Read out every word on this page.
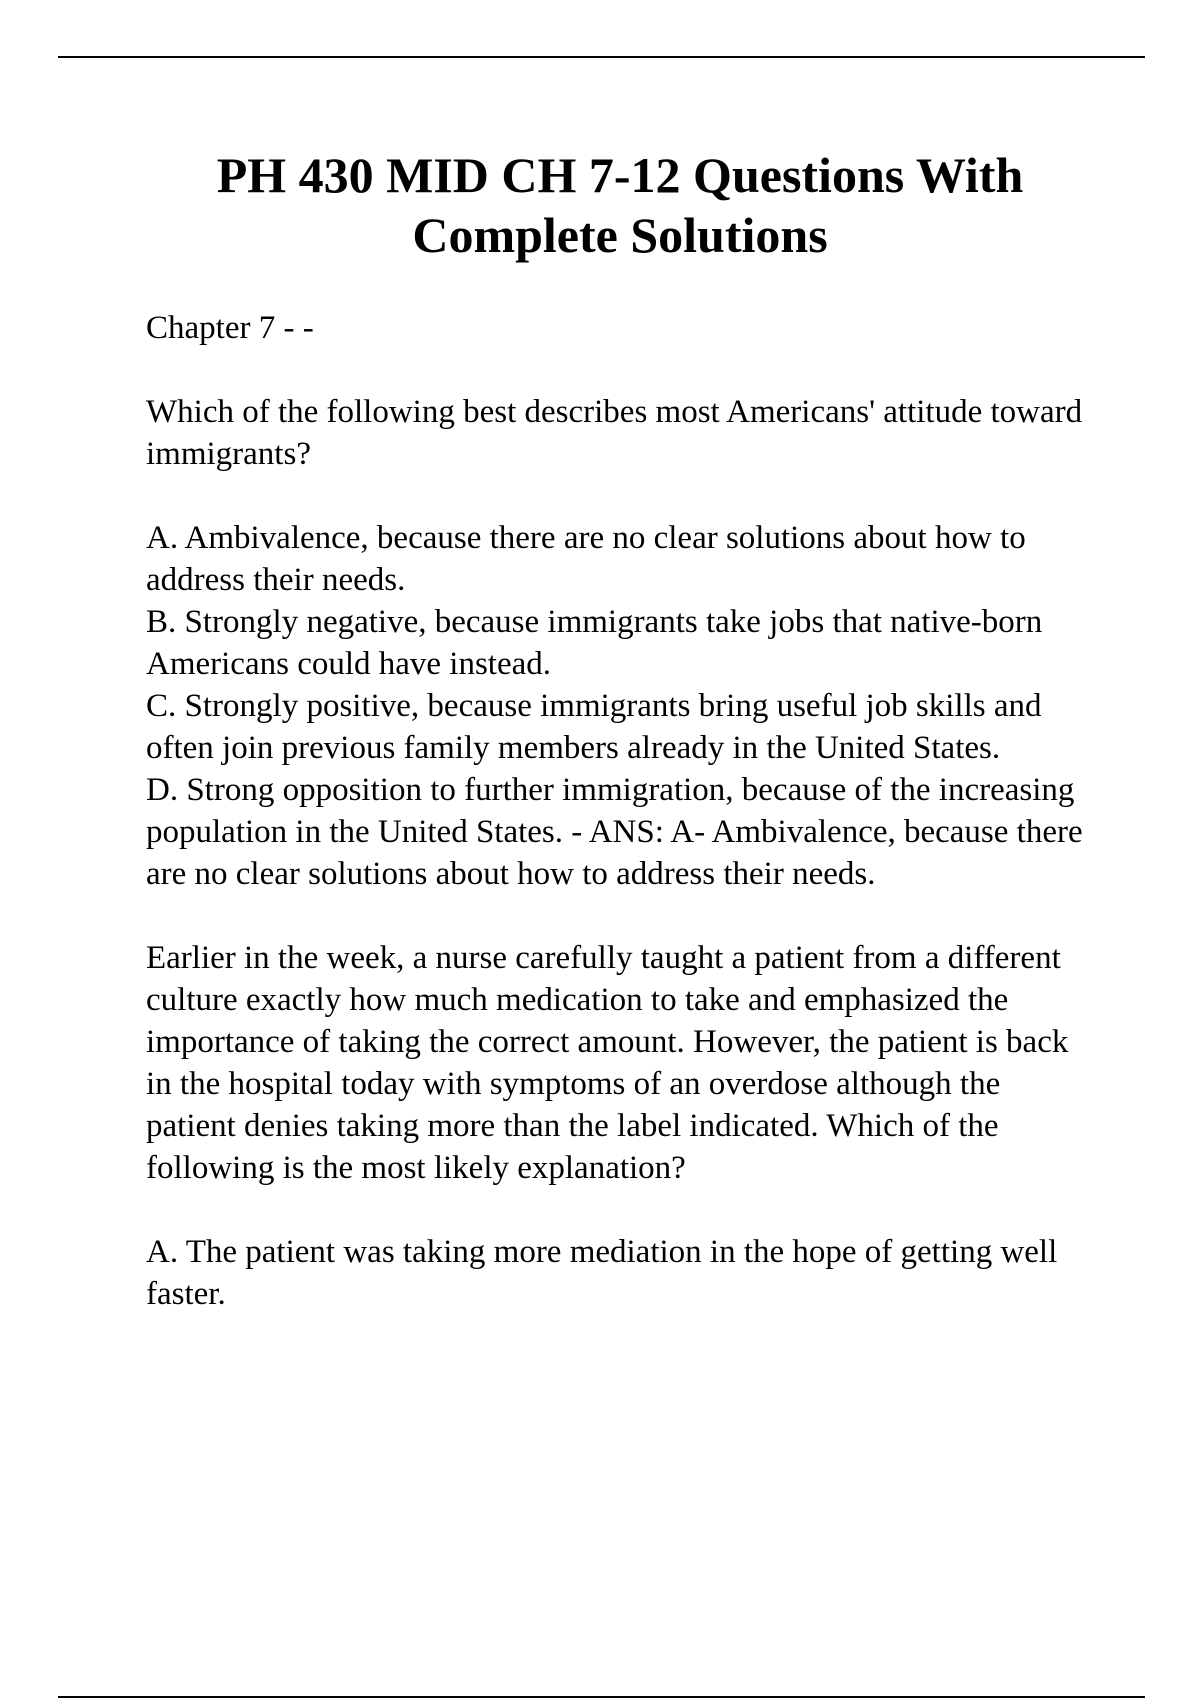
PH 430 MID CH 7-12 Questions With
Complete Solutions

Chapter 7 - -

Which of the following best describes most Americans' attitude toward immigrants?

A. Ambivalence, because there are no clear solutions about how to address their needs.

B. Strongly negative, because immigrants take jobs that native-born Americans could have instead.

C. Strongly positive, because immigrants bring useful job skills and often join previous family members already in the United States.

D. Strong opposition to further immigration, because of the increasing population in the United States. - ANS: A- Ambivalence, because there are no clear solutions about how to address their needs.

Earlier in the week, a nurse carefully taught a patient from a different culture exactly how much medication to take and emphasized the importance of taking the correct amount. However, the patient is back in the hospital today with symptoms of an overdose although the patient denies taking more than the label indicated. Which of the following is the most likely explanation?

A. The patient was taking more mediation in the hope of getting well faster.
